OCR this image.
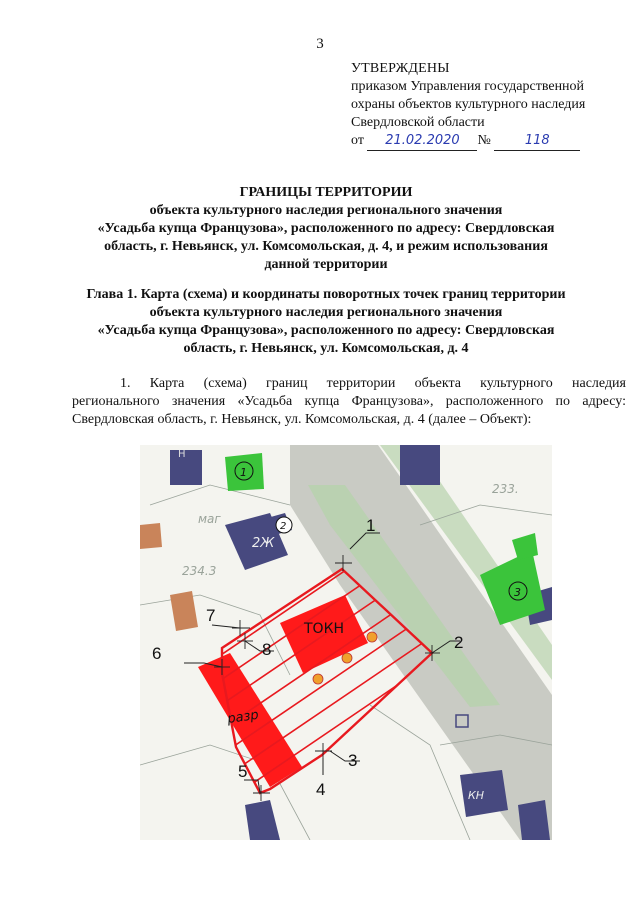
3
УТВЕРЖДЕНЫ
приказом Управления государственной
охраны объектов культурного наследия
Свердловской области
от 21.02.2020 №	118
ГРАНИЦЫ ТЕРРИТОРИИ
объекта культурного наследия регионального значения
«Усадьба купца Французова», расположенного по адресу: Свердловская
область, г. Невьянск, ул. Комсомольская, д. 4, и режим использования
данной территории
Глава 1. Карта (схема) и координаты поворотных точек границ территории
объекта культурного наследия регионального значения
«Усадьба купца Французова», расположенного по адресу: Свердловская
область, г. Невьянск, ул. Комсомольская, д. 4
1. Карта (схема) границ территории объекта культурного наследия
регионального значения «Усадьба купца Французова», расположенного по адресу:
Свердловская область, г. Невьянск, ул. Комсомольская, д. 4 (далее – Объект):
1
2
3
4
5
6
7
8
ТОКН
разр
маг
2Ж
234.3
233.
КН
Н
1
2
3
